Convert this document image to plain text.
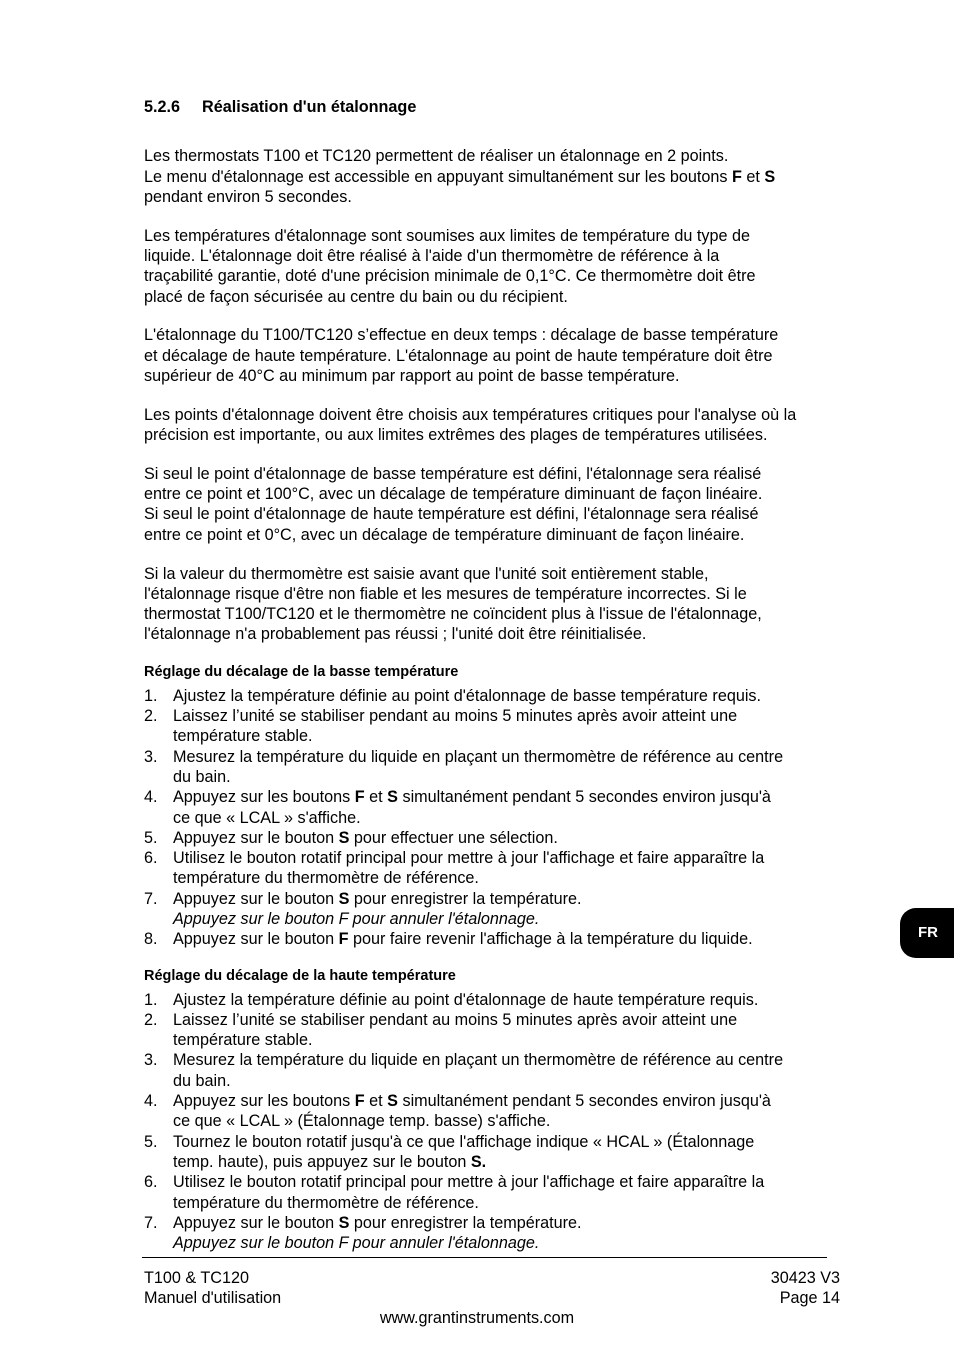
5.2.6 Réalisation d'un étalonnage

Les thermostats T100 et TC120 permettent de réaliser un étalonnage en 2 points.
Le menu d'étalonnage est accessible en appuyant simultanément sur les boutons F et S
pendant environ 5 secondes.

Les températures d'étalonnage sont soumises aux limites de température du type de
liquide. L'étalonnage doit être réalisé à l'aide d'un thermomètre de référence à la
traçabilité garantie, doté d'une précision minimale de 0,1°C. Ce thermomètre doit être
placé de façon sécurisée au centre du bain ou du récipient.

L'étalonnage du T100/TC120 s’effectue en deux temps : décalage de basse température
et décalage de haute température. L'étalonnage au point de haute température doit être
supérieur de 40°C au minimum par rapport au point de basse température.

Les points d'étalonnage doivent être choisis aux températures critiques pour l'analyse où la
précision est importante, ou aux limites extrêmes des plages de températures utilisées.

Si seul le point d'étalonnage de basse température est défini, l'étalonnage sera réalisé
entre ce point et 100°C, avec un décalage de température diminuant de façon linéaire.
Si seul le point d'étalonnage de haute température est défini, l'étalonnage sera réalisé
entre ce point et 0°C, avec un décalage de température diminuant de façon linéaire.

Si la valeur du thermomètre est saisie avant que l'unité soit entièrement stable,
l'étalonnage risque d'être non fiable et les mesures de température incorrectes. Si le
thermostat T100/TC120 et le thermomètre ne coïncident plus à l'issue de l'étalonnage,
l'étalonnage n'a probablement pas réussi ; l'unité doit être réinitialisée.

Réglage du décalage de la basse température
1. Ajustez la température définie au point d'étalonnage de basse température requis.
2. Laissez l’unité se stabiliser pendant au moins 5 minutes après avoir atteint une
température stable.
3. Mesurez la température du liquide en plaçant un thermomètre de référence au centre
du bain.
4. Appuyez sur les boutons F et S simultanément pendant 5 secondes environ jusqu'à
ce que « LCAL » s'affiche.
5. Appuyez sur le bouton S pour effectuer une sélection.
6. Utilisez le bouton rotatif principal pour mettre à jour l'affichage et faire apparaître la
température du thermomètre de référence.
7. Appuyez sur le bouton S pour enregistrer la température.
Appuyez sur le bouton F pour annuler l'étalonnage.
8. Appuyez sur le bouton F pour faire revenir l'affichage à la température du liquide.
Réglage du décalage de la haute température
1. Ajustez la température définie au point d'étalonnage de haute température requis.
2. Laissez l’unité se stabiliser pendant au moins 5 minutes après avoir atteint une
température stable.
3. Mesurez la température du liquide en plaçant un thermomètre de référence au centre
du bain.
4. Appuyez sur les boutons F et S simultanément pendant 5 secondes environ jusqu'à
ce que « LCAL » (Étalonnage temp. basse) s'affiche.
5. Tournez le bouton rotatif jusqu'à ce que l'affichage indique « HCAL » (Étalonnage
temp. haute), puis appuyez sur le bouton S.
6. Utilisez le bouton rotatif principal pour mettre à jour l'affichage et faire apparaître la
température du thermomètre de référence.
7. Appuyez sur le bouton S pour enregistrer la température.
Appuyez sur le bouton F pour annuler l'étalonnage.
FR
T100 & TC120
Manuel d'utilisation
30423 V3
Page 14
www.grantinstruments.com
